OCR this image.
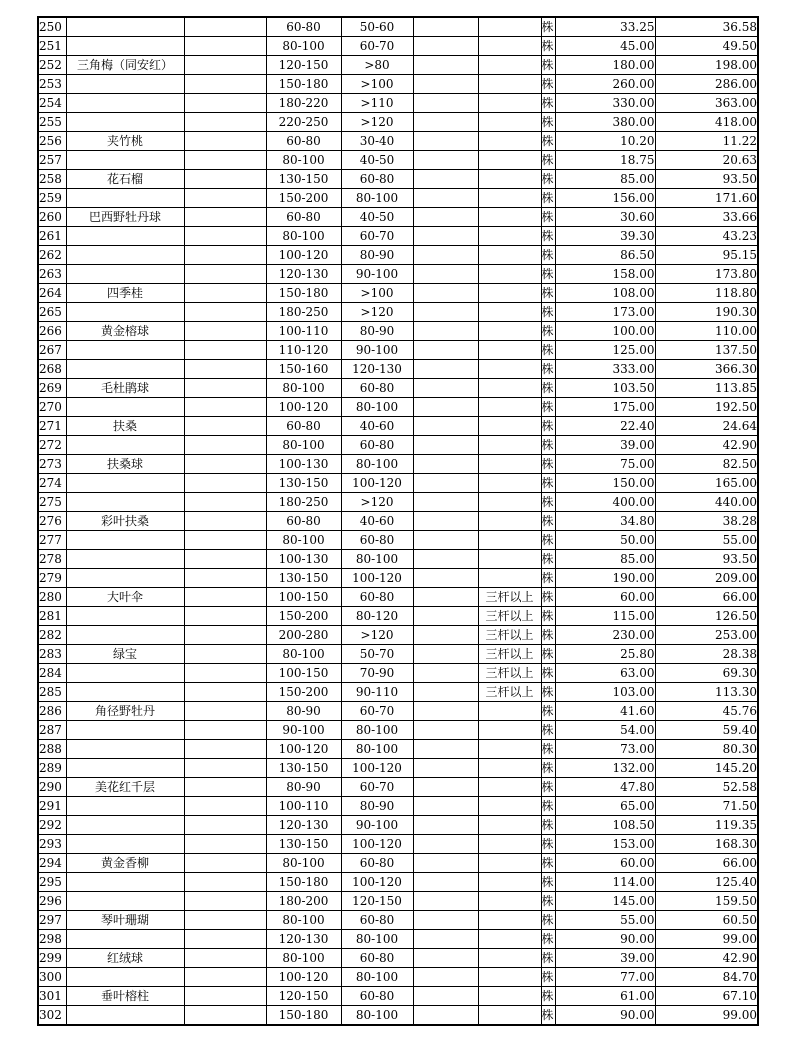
250			60-80	50-60			株	33.25	36.58
251			80-100	60-70			株	45.00	49.50
252	三角梅（同安红）		120-150	>80			株	180.00	198.00
253			150-180	>100			株	260.00	286.00
254			180-220	>110			株	330.00	363.00
255			220-250	>120			株	380.00	418.00
256	夹竹桃		60-80	30-40			株	10.20	11.22
257			80-100	40-50			株	18.75	20.63
258	花石榴		130-150	60-80			株	85.00	93.50
259			150-200	80-100			株	156.00	171.60
260	巴西野牡丹球		60-80	40-50			株	30.60	33.66
261			80-100	60-70			株	39.30	43.23
262			100-120	80-90			株	86.50	95.15
263			120-130	90-100			株	158.00	173.80
264	四季桂		150-180	>100			株	108.00	118.80
265			180-250	>120			株	173.00	190.30
266	黄金榕球		100-110	80-90			株	100.00	110.00
267			110-120	90-100			株	125.00	137.50
268			150-160	120-130			株	333.00	366.30
269	毛杜鹃球		80-100	60-80			株	103.50	113.85
270			100-120	80-100			株	175.00	192.50
271	扶桑		60-80	40-60			株	22.40	24.64
272			80-100	60-80			株	39.00	42.90
273	扶桑球		100-130	80-100			株	75.00	82.50
274			130-150	100-120			株	150.00	165.00
275			180-250	>120			株	400.00	440.00
276	彩叶扶桑		60-80	40-60			株	34.80	38.28
277			80-100	60-80			株	50.00	55.00
278			100-130	80-100			株	85.00	93.50
279			130-150	100-120			株	190.00	209.00
280	大叶伞		100-150	60-80		三杆以上	株	60.00	66.00
281			150-200	80-120		三杆以上	株	115.00	126.50
282			200-280	>120		三杆以上	株	230.00	253.00
283	绿宝		80-100	50-70		三杆以上	株	25.80	28.38
284			100-150	70-90		三杆以上	株	63.00	69.30
285			150-200	90-110		三杆以上	株	103.00	113.30
286	角径野牡丹		80-90	60-70			株	41.60	45.76
287			90-100	80-100			株	54.00	59.40
288			100-120	80-100			株	73.00	80.30
289			130-150	100-120			株	132.00	145.20
290	美花红千层		80-90	60-70			株	47.80	52.58
291			100-110	80-90			株	65.00	71.50
292			120-130	90-100			株	108.50	119.35
293			130-150	100-120			株	153.00	168.30
294	黄金香柳		80-100	60-80			株	60.00	66.00
295			150-180	100-120			株	114.00	125.40
296			180-200	120-150			株	145.00	159.50
297	琴叶珊瑚		80-100	60-80			株	55.00	60.50
298			120-130	80-100			株	90.00	99.00
299	红绒球		80-100	60-80			株	39.00	42.90
300			100-120	80-100			株	77.00	84.70
301	垂叶榕柱		120-150	60-80			株	61.00	67.10
302			150-180	80-100			株	90.00	99.00
